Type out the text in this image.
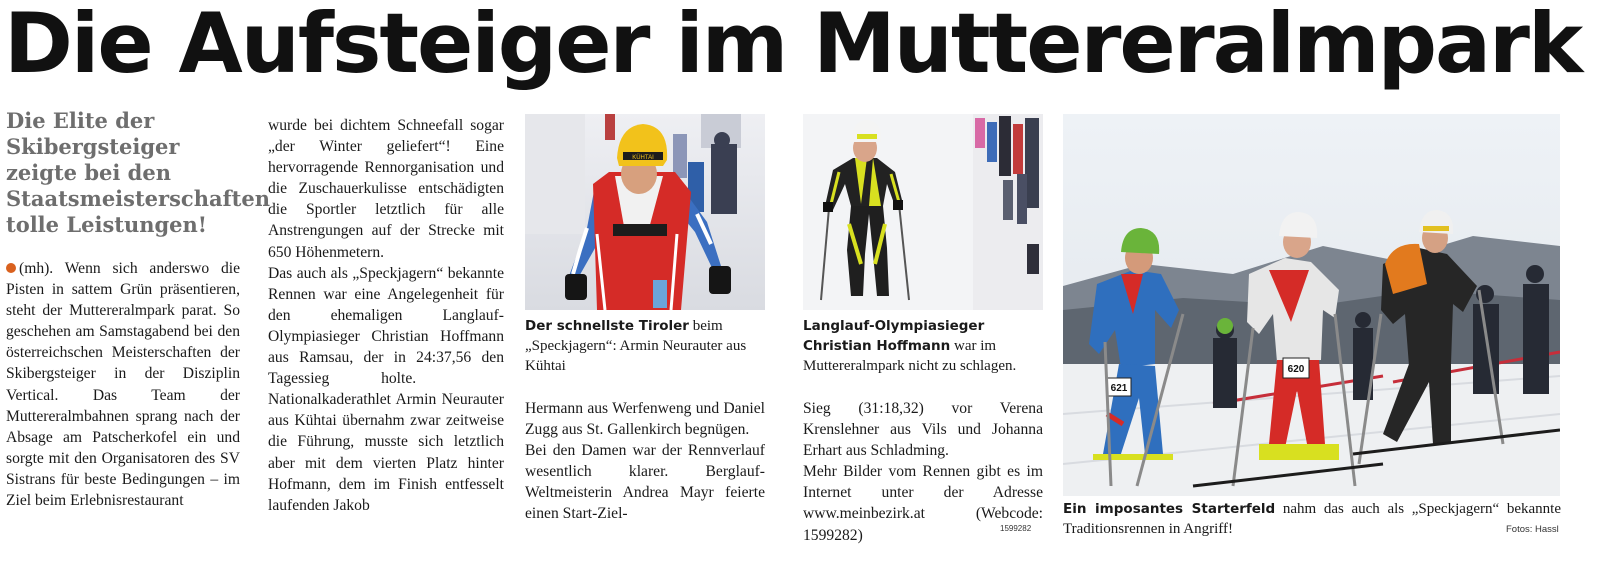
Die Aufsteiger im Muttereralmpark

Die Elite der Skibergsteiger zeigte bei den Staatsmeisterschaften tolle Leistungen!

(mh). Wenn sich anderswo die Pisten in sattem Grün präsentieren, steht der Muttereralmpark parat. So geschehen am Samstagabend bei den österreichschen Meisterschaften der Skibergsteiger in der Disziplin Vertical. Das Team der Muttereralmbahnen sprang nach der Absage am Patscherkofel ein und sorgte mit den Organisatoren des SV Sistrans für beste Bedingungen – im Ziel beim Erlebnisrestaurant

wurde bei dichtem Schneefall sogar „der Winter geliefert“! Eine hervorragende Rennorganisation und die Zuschauerkulisse entschädigten die Sportler letztlich für alle Anstrengungen auf der Strecke mit 650 Höhenmetern.

Das auch als „Speckjagern“ bekannte Rennen war eine Angelegenheit für den ehemaligen Langlauf-Olympiasieger Christian Hoffmann aus Ramsau, der in 24:37,56 den Tagessieg holte. Nationalkaderathlet Armin Neurauter aus Kühtai übernahm zwar zeitweise die Führung, musste sich letztlich aber mit dem vierten Platz hinter Hofmann, dem im Finish entfesselt laufenden Jakob

KÜHTAI
Der schnellste Tiroler beim „Speckjagern“: Armin Neurauter aus Kühtai

Hermann aus Werfenweng und Daniel Zugg aus St. Gallenkirch begnügen.

Bei den Damen war der Rennverlauf wesentlich klarer. Berglauf-Weltmeisterin Andrea Mayr feierte einen Start-Ziel-

Langlauf-Olympiasieger Christian Hoffmann war im Muttereralmpark nicht zu schlagen.

Sieg (31:18,32) vor Verena Krenslehner aus Vils und Johanna Erhart aus Schladming.

Mehr Bilder vom Rennen gibt es im Internet unter der Adresse www.meinbezirk.at (Webcode: 1599282)	1599282
621
620
Ein imposantes Starterfeld nahm das auch als „Speckjagern“ bekannte Traditionsrennen in Angriff!	Fotos: Hassl
